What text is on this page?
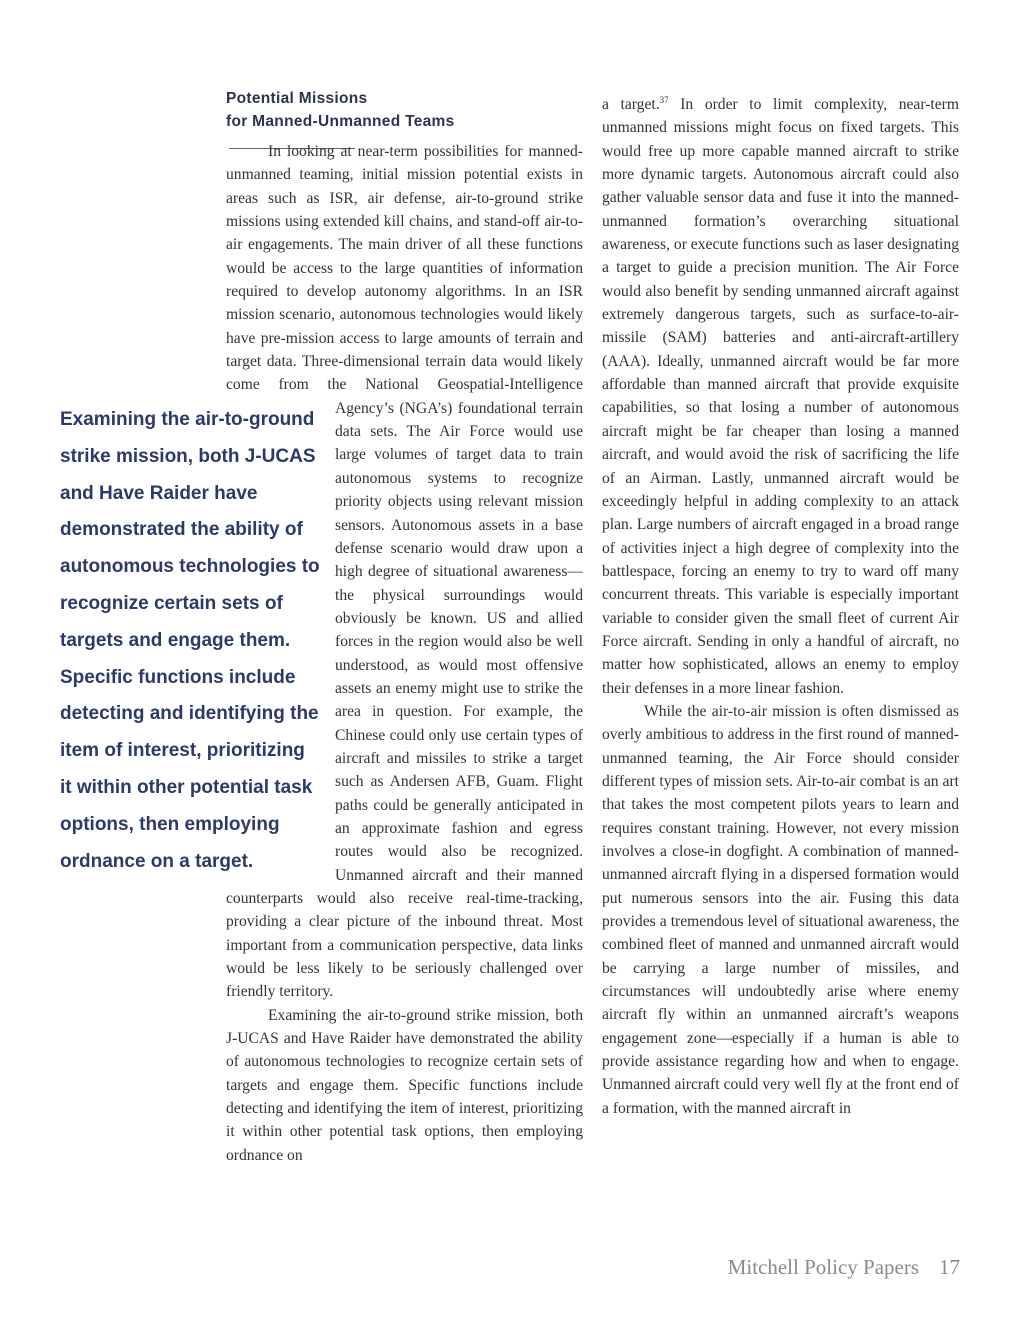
Potential Missions
for Manned-Unmanned Teams

In looking at near-term possibilities for manned-unmanned teaming, initial mission potential exists in areas such as ISR, air defense, air-to-ground strike missions using extended kill chains, and stand-off air-to-air engagements. The main driver of all these functions would be access to the large quantities of information required to develop autonomy algorithms. In an ISR mission scenario, autonomous technologies would likely have pre-mission access to large amounts of terrain and target data. Three-dimensional terrain data would likely come from the National Geospatial-Intelligence Agency’s (NGA’s) foundational terrain data sets. The Air Force would use large volumes of target data to train autonomous systems to recognize priority objects using relevant mission sensors. Autonomous assets in a base defense scenario would draw upon a high degree of situational awareness—the physical surroundings would obviously be known. US and allied forces in the region would also be well understood, as would most offensive assets an enemy might use to strike the area in question. For example, the Chinese could only use certain types of aircraft and missiles to strike a target such as Andersen AFB, Guam. Flight paths could be generally anticipated in an approximate fashion and egress routes would also be recognized. Unmanned aircraft and their manned counterparts would also receive real-time-tracking, providing a clear picture of the inbound threat. Most important from a communication perspective, data links would be less likely to be seriously challenged over friendly territory.

Examining the air-to-ground strike mission, both J-UCAS and Have Raider have demonstrated the ability of autonomous technologies to recognize certain sets of targets and engage them. Specific functions include detecting and identifying the item of interest, prioritizing it within other potential task options, then employing ordnance on

Examining the air-to-ground strike mission, both J-UCAS and Have Raider have demonstrated the ability of autonomous technologies to recognize certain sets of targets and engage them. Specific functions include detecting and identifying the item of interest, prioritizing it within other potential task options, then employing ordnance on a target.

a target.$^{37}$ In order to limit complexity, near-term unmanned missions might focus on fixed targets. This would free up more capable manned aircraft to strike more dynamic targets. Autonomous aircraft could also gather valuable sensor data and fuse it into the manned-unmanned formation’s overarching situational awareness, or execute functions such as laser designating a target to guide a precision munition. The Air Force would also benefit by sending unmanned aircraft against extremely dangerous targets, such as surface-to-air-missile (SAM) batteries and anti-aircraft-artillery (AAA). Ideally, unmanned aircraft would be far more affordable than manned aircraft that provide exquisite capabilities, so that losing a number of autonomous aircraft might be far cheaper than losing a manned aircraft, and would avoid the risk of sacrificing the life of an Airman. Lastly, unmanned aircraft would be exceedingly helpful in adding complexity to an attack plan. Large numbers of aircraft engaged in a broad range of activities inject a high degree of complexity into the battlespace, forcing an enemy to try to ward off many concurrent threats. This variable is especially important variable to consider given the small fleet of current Air Force aircraft. Sending in only a handful of aircraft, no matter how sophisticated, allows an enemy to employ their defenses in a more linear fashion.

While the air-to-air mission is often dismissed as overly ambitious to address in the first round of manned-unmanned teaming, the Air Force should consider different types of mission sets. Air-to-air combat is an art that takes the most competent pilots years to learn and requires constant training. However, not every mission involves a close-in dogfight. A combination of manned-unmanned aircraft flying in a dispersed formation would put numerous sensors into the air. Fusing this data provides a tremendous level of situational awareness, the combined fleet of manned and unmanned aircraft would be carrying a large number of missiles, and circumstances will undoubtedly arise where enemy aircraft fly within an unmanned aircraft’s weapons engagement zone—especially if a human is able to provide assistance regarding how and when to engage. Unmanned aircraft could very well fly at the front end of a formation, with the manned aircraft in

Mitchell Policy Papers 17
